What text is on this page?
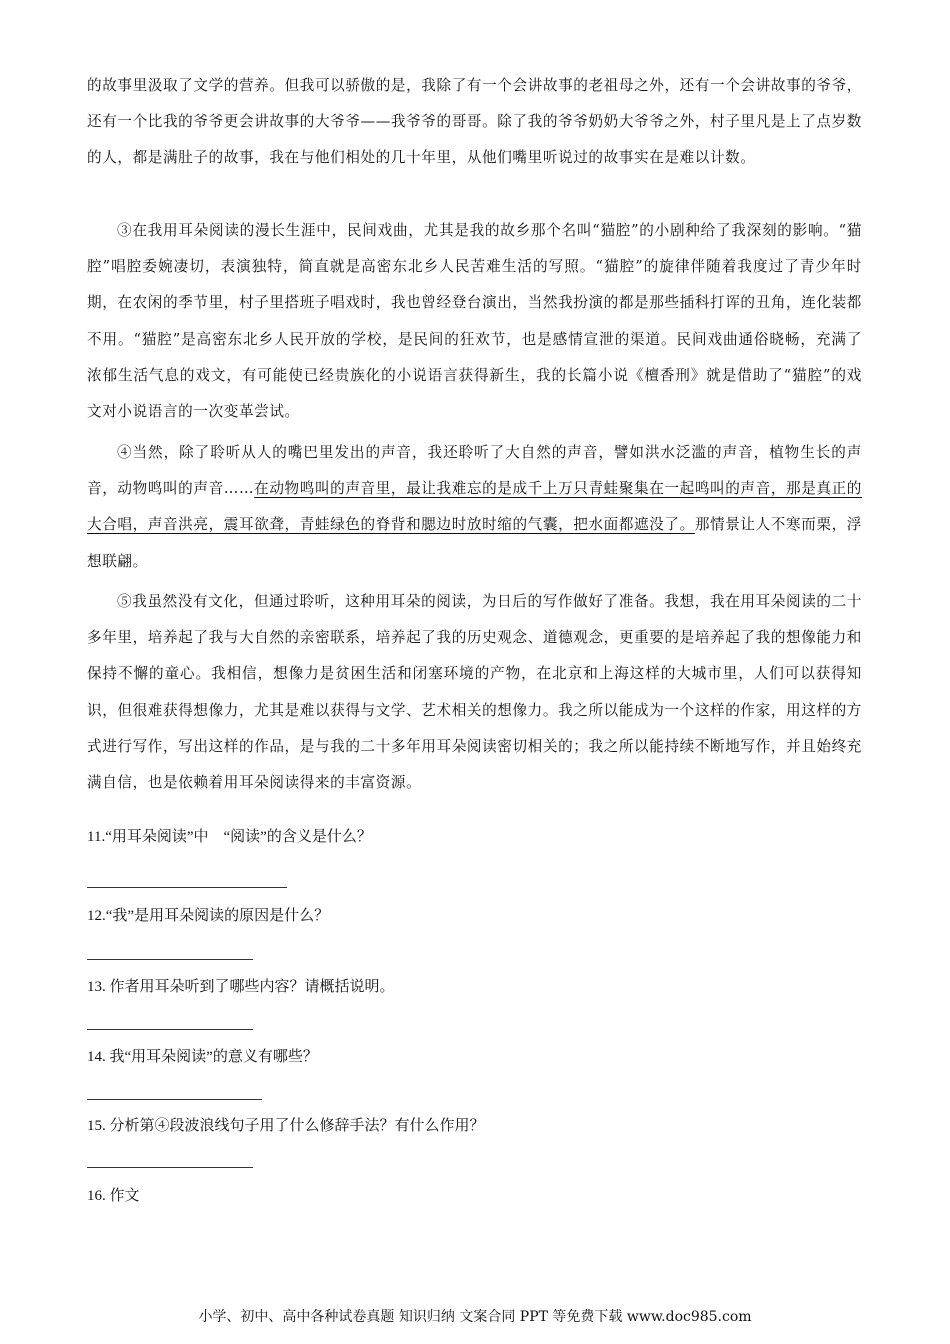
的故事里汲取了文学的营养。但我可以骄傲的是，我除了有一个会讲故事的老祖母之外，还有一个会讲故事的爷爷，还有一个比我的爷爷更会讲故事的大爷爷——我爷爷的哥哥。除了我的爷爷奶奶大爷爷之外，村子里凡是上了点岁数的人，都是满肚子的故事，我在与他们相处的几十年里，从他们嘴里听说过的故事实在是难以计数。

③在我用耳朵阅读的漫长生涯中，民间戏曲，尤其是我的故乡那个名叫“猫腔”的小剧种给了我深刻的影响。“猫腔”唱腔委婉凄切，表演独特，简直就是高密东北乡人民苦难生活的写照。“猫腔”的旋律伴随着我度过了青少年时期，在农闲的季节里，村子里搭班子唱戏时，我也曾经登台演出，当然我扮演的都是那些插科打诨的丑角，连化装都不用。“猫腔”是高密东北乡人民开放的学校，是民间的狂欢节，也是感情宣泄的渠道。民间戏曲通俗晓畅，充满了浓郁生活气息的戏文，有可能使已经贵族化的小说语言获得新生，我的长篇小说《檀香刑》就是借助了“猫腔”的戏文对小说语言的一次变革尝试。

④当然，除了聆听从人的嘴巴里发出的声音，我还聆听了大自然的声音，譬如洪水泛滥的声音，植物生长的声音，动物鸣叫的声音……在动物鸣叫的声音里，最让我难忘的是成千上万只青蛙聚集在一起鸣叫的声音，那是真正的大合唱，声音洪亮，震耳欲聋，青蛙绿色的脊背和腮边时放时缩的气囊，把水面都遮没了。那情景让人不寒而栗，浮想联翩。

⑤我虽然没有文化，但通过聆听，这种用耳朵的阅读，为日后的写作做好了准备。我想，我在用耳朵阅读的二十多年里，培养起了我与大自然的亲密联系，培养起了我的历史观念、道德观念，更重要的是培养起了我的想像能力和保持不懈的童心。我相信，想像力是贫困生活和闭塞环境的产物，在北京和上海这样的大城市里，人们可以获得知识，但很难获得想像力，尤其是难以获得与文学、艺术相关的想像力。我之所以能成为一个这样的作家，用这样的方式进行写作，写出这样的作品，是与我的二十多年用耳朵阅读密切相关的；我之所以能持续不断地写作，并且始终充满自信，也是依赖着用耳朵阅读得来的丰富资源。

11.“用耳朵阅读”中　“阅读”的含义是什么？

12.“我”是用耳朵阅读的原因是什么？

13. 作者用耳朵听到了哪些内容？请概括说明。

14. 我“用耳朵阅读”的意义有哪些？

15. 分析第④段波浪线句子用了什么修辞手法？有什么作用？

16. 作文

小学、初中、高中各种试卷真题 知识归纳 文案合同 PPT 等免费下载 www.doc985.com
